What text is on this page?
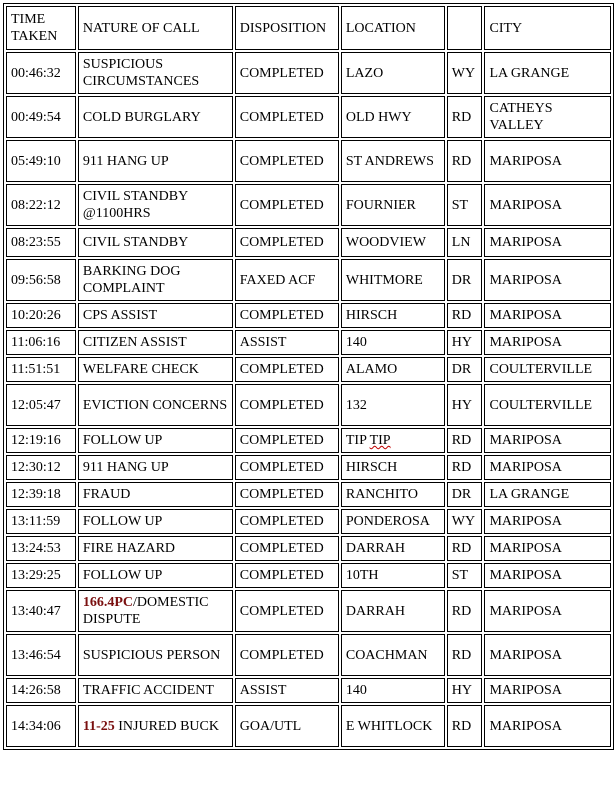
TIME TAKEN	NATURE OF CALL	DISPOSITION	LOCATION		CITY
00:46:32	SUSPICIOUS CIRCUMSTANCES	COMPLETED	LAZO	WY	LA GRANGE
00:49:54	COLD BURGLARY	COMPLETED	OLD HWY	RD	CATHEYS VALLEY
05:49:10	911 HANG UP	COMPLETED	ST ANDREWS	RD	MARIPOSA
08:22:12	CIVIL STANDBY @1100HRS	COMPLETED	FOURNIER	ST	MARIPOSA
08:23:55	CIVIL STANDBY	COMPLETED	WOODVIEW	LN	MARIPOSA
09:56:58	BARKING DOG COMPLAINT	FAXED ACF	WHITMORE	DR	MARIPOSA
10:20:26	CPS ASSIST	COMPLETED	HIRSCH	RD	MARIPOSA
11:06:16	CITIZEN ASSIST	ASSIST	140	HY	MARIPOSA
11:51:51	WELFARE CHECK	COMPLETED	ALAMO	DR	COULTERVILLE
12:05:47	EVICTION CONCERNS	COMPLETED	132	HY	COULTERVILLE
12:19:16	FOLLOW UP	COMPLETED	TIP TIP	RD	MARIPOSA
12:30:12	911 HANG UP	COMPLETED	HIRSCH	RD	MARIPOSA
12:39:18	FRAUD	COMPLETED	RANCHITO	DR	LA GRANGE
13:11:59	FOLLOW UP	COMPLETED	PONDEROSA	WY	MARIPOSA
13:24:53	FIRE HAZARD	COMPLETED	DARRAH	RD	MARIPOSA
13:29:25	FOLLOW UP	COMPLETED	10TH	ST	MARIPOSA
13:40:47	166.4PC/DOMESTIC DISPUTE	COMPLETED	DARRAH	RD	MARIPOSA
13:46:54	SUSPICIOUS PERSON	COMPLETED	COACHMAN	RD	MARIPOSA
14:26:58	TRAFFIC ACCIDENT	ASSIST	140	HY	MARIPOSA
14:34:06	11-25 INJURED BUCK	GOA/UTL	E WHITLOCK	RD	MARIPOSA
